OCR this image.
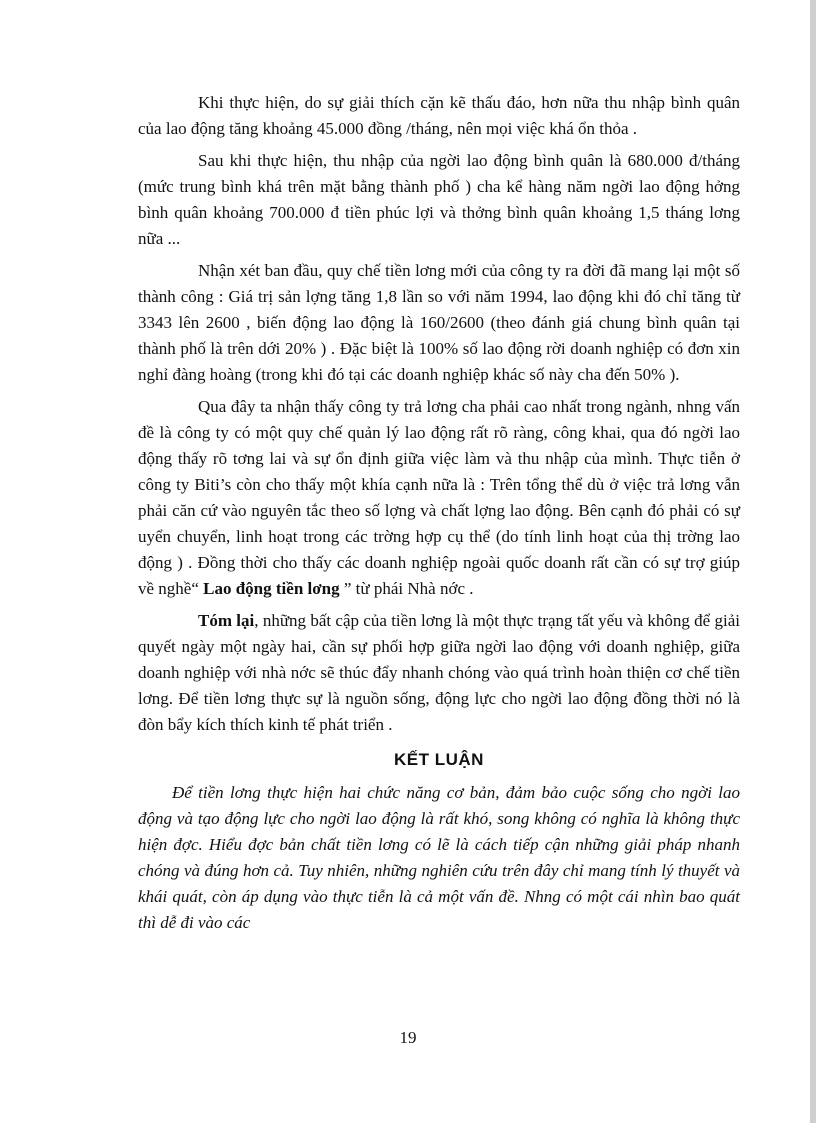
Khi thực hiện, do sự giải thích cặn kẽ thấu đáo, hơn nữa thu nhập bình quân của lao động tăng khoảng 45.000 đồng /tháng, nên mọi việc khá ổn thỏa .

Sau khi thực hiện, thu nhập của ngời lao động bình quân là 680.000 đ/tháng (mức trung bình khá trên mặt bằng thành phố ) cha kể hàng năm ngời lao động hởng bình quân khoảng 700.000 đ tiền phúc lợi và thởng bình quân khoảng 1,5 tháng lơng nữa ...

Nhận xét ban đầu, quy chế tiền lơng mới của công ty ra đời đã mang lại một số thành công : Giá trị sản lợng tăng 1,8 lần so với năm 1994, lao động khi đó chỉ tăng từ 3343 lên 2600 , biến động lao động là 160/2600 (theo đánh giá chung bình quân tại thành phố là trên dới 20% ) . Đặc biệt là 100% số lao động rời doanh nghiệp có đơn xin nghỉ đàng hoàng (trong khi đó tại các doanh nghiệp khác số này cha đến 50% ).

Qua đây ta nhận thấy công ty trả lơng cha phải cao nhất trong ngành, nhng vấn đề là công ty có một quy chế quản lý lao động rất rõ ràng, công khai, qua đó ngời lao động thấy rõ tơng lai và sự ổn định giữa việc làm và thu nhập của mình. Thực tiễn ở công ty Biti’s còn cho thấy một khía cạnh nữa là : Trên tổng thể dù ở việc trả lơng vẫn phải căn cứ vào nguyên tắc theo số lợng và chất lợng lao động. Bên cạnh đó phải có sự uyển chuyển, linh hoạt trong các trờng hợp cụ thể (do tính linh hoạt của thị trờng lao động ) . Đồng thời cho thấy các doanh nghiệp ngoài quốc doanh rất cần có sự trợ giúp về nghề“ Lao động tiền lơng ” từ phái Nhà nớc .

Tóm lại, những bất cập của tiền lơng là một thực trạng tất yếu và không để giải quyết ngày một ngày hai, cần sự phối hợp giữa ngời lao động với doanh nghiệp, giữa doanh nghiệp với nhà nớc sẽ thúc đẩy nhanh chóng vào quá trình hoàn thiện cơ chế tiền lơng. Để tiền lơng thực sự là nguồn sống, động lực cho ngời lao động đồng thời nó là đòn bẩy kích thích kinh tế phát triển .

KẾT LUẬN

Để tiền lơng thực hiện hai chức năng cơ bản, đảm bảo cuộc sống cho ngời lao động và tạo động lực cho ngời lao động là rất khó, song không có nghĩa là không thực hiện đợc. Hiểu đợc bản chất tiền lơng có lẽ là cách tiếp cận những giải pháp nhanh chóng và đúng hơn cả. Tuy nhiên, những nghiên cứu trên đây chỉ mang tính lý thuyết và khái quát, còn áp dụng vào thực tiễn là cả một vấn đề. Nhng có một cái nhìn bao quát thì dễ đi vào các

19
